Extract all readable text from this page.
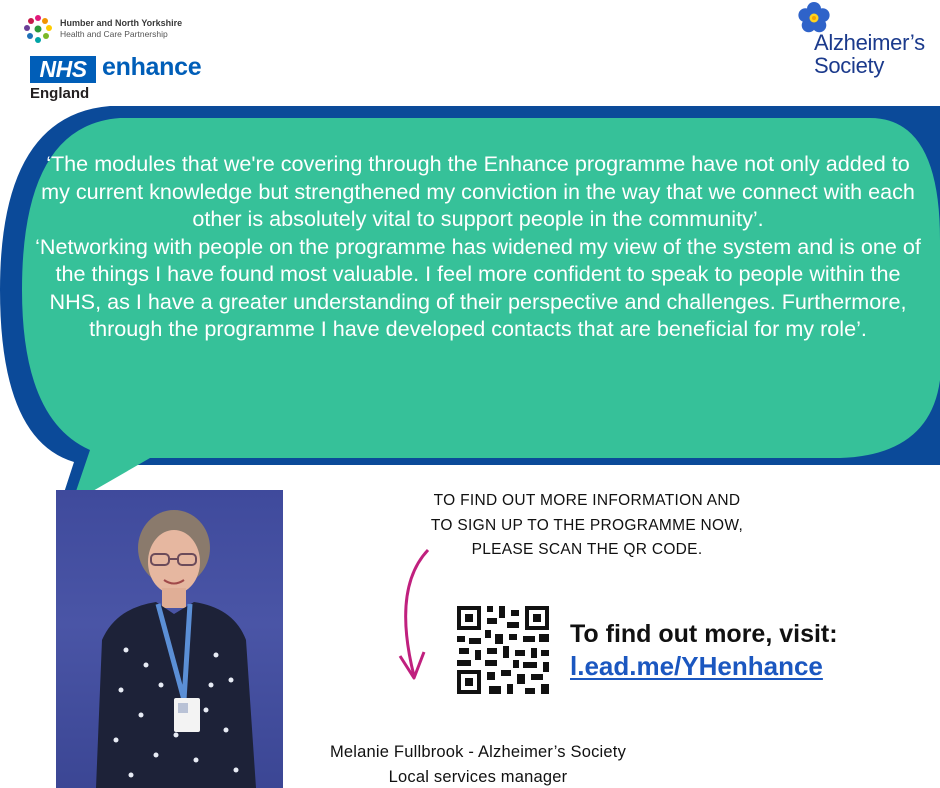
Humber and North Yorkshire
Health and Care Partnership
NHS enhance
England
Alzheimer’s
Society

‘The modules that we're covering through the Enhance programme have not only added to my current knowledge but strengthened my conviction in the way that we connect with each other is absolutely vital to support people in the community’.

‘Networking with people on the programme has widened my view of the system and is one of the things I have found most valuable. I feel more confident to speak to people within the NHS, as I have a greater understanding of their perspective and challenges. Furthermore, through the programme I have developed contacts that are beneficial for my role’.

TO FIND OUT MORE INFORMATION AND
TO SIGN UP TO THE PROGRAMME NOW,
PLEASE SCAN THE QR CODE.
To find out more, visit:
l.ead.me/YHenhance
Melanie Fullbrook - Alzheimer’s Society
Local services manager
